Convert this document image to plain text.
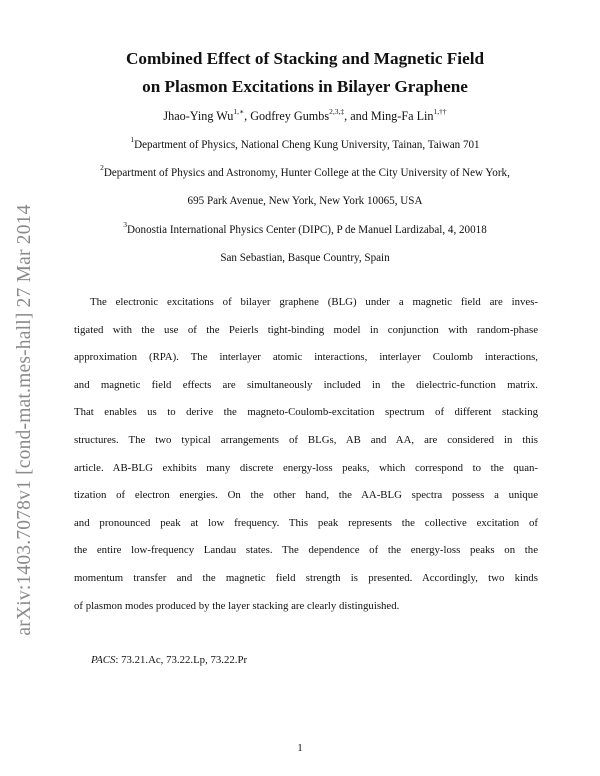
arXiv:1403.7078v1 [cond-mat.mes-hall] 27 Mar 2014
Combined Effect of Stacking and Magnetic Field
on Plasmon Excitations in Bilayer Graphene
Jhao-Ying $Wu^{1,∗}$, Godfrey Gumbs$^{2,3,\ddagger}$, and Ming-Fa Lin$^{1,\dagger\dagger}$
$^1$Department of Physics, National Cheng Kung University, Tainan, Taiwan 701
$^2$Department of Physics and Astronomy, Hunter College at the City University of New York,
695 Park Avenue, New York, New York 10065, USA
$^3$Donostia International Physics Center (DIPC), P de Manuel Lardizabal, 4, 20018
San Sebastian, Basque Country, Spain
The electronic excitations of bilayer graphene (BLG) under a magnetic field are inves-
tigated with the use of the Peierls tight-binding model in conjunction with random-phase
approximation (RPA). The interlayer atomic interactions, interlayer Coulomb interactions,
and magnetic field effects are simultaneously included in the dielectric-function matrix.
That enables us to derive the magneto-Coulomb-excitation spectrum of different stacking
structures. The two typical arrangements of BLGs, AB and AA, are considered in this
article. AB-BLG exhibits many discrete energy-loss peaks, which correspond to the quan-
tization of electron energies. On the other hand, the AA-BLG spectra possess a unique
and pronounced peak at low frequency. This peak represents the collective excitation of
the entire low-frequency Landau states. The dependence of the energy-loss peaks on the
momentum transfer and the magnetic field strength is presented. Accordingly, two kinds
of plasmon modes produced by the layer stacking are clearly distinguished.
PACS: 73.21.Ac, 73.22.Lp, 73.22.Pr
1
